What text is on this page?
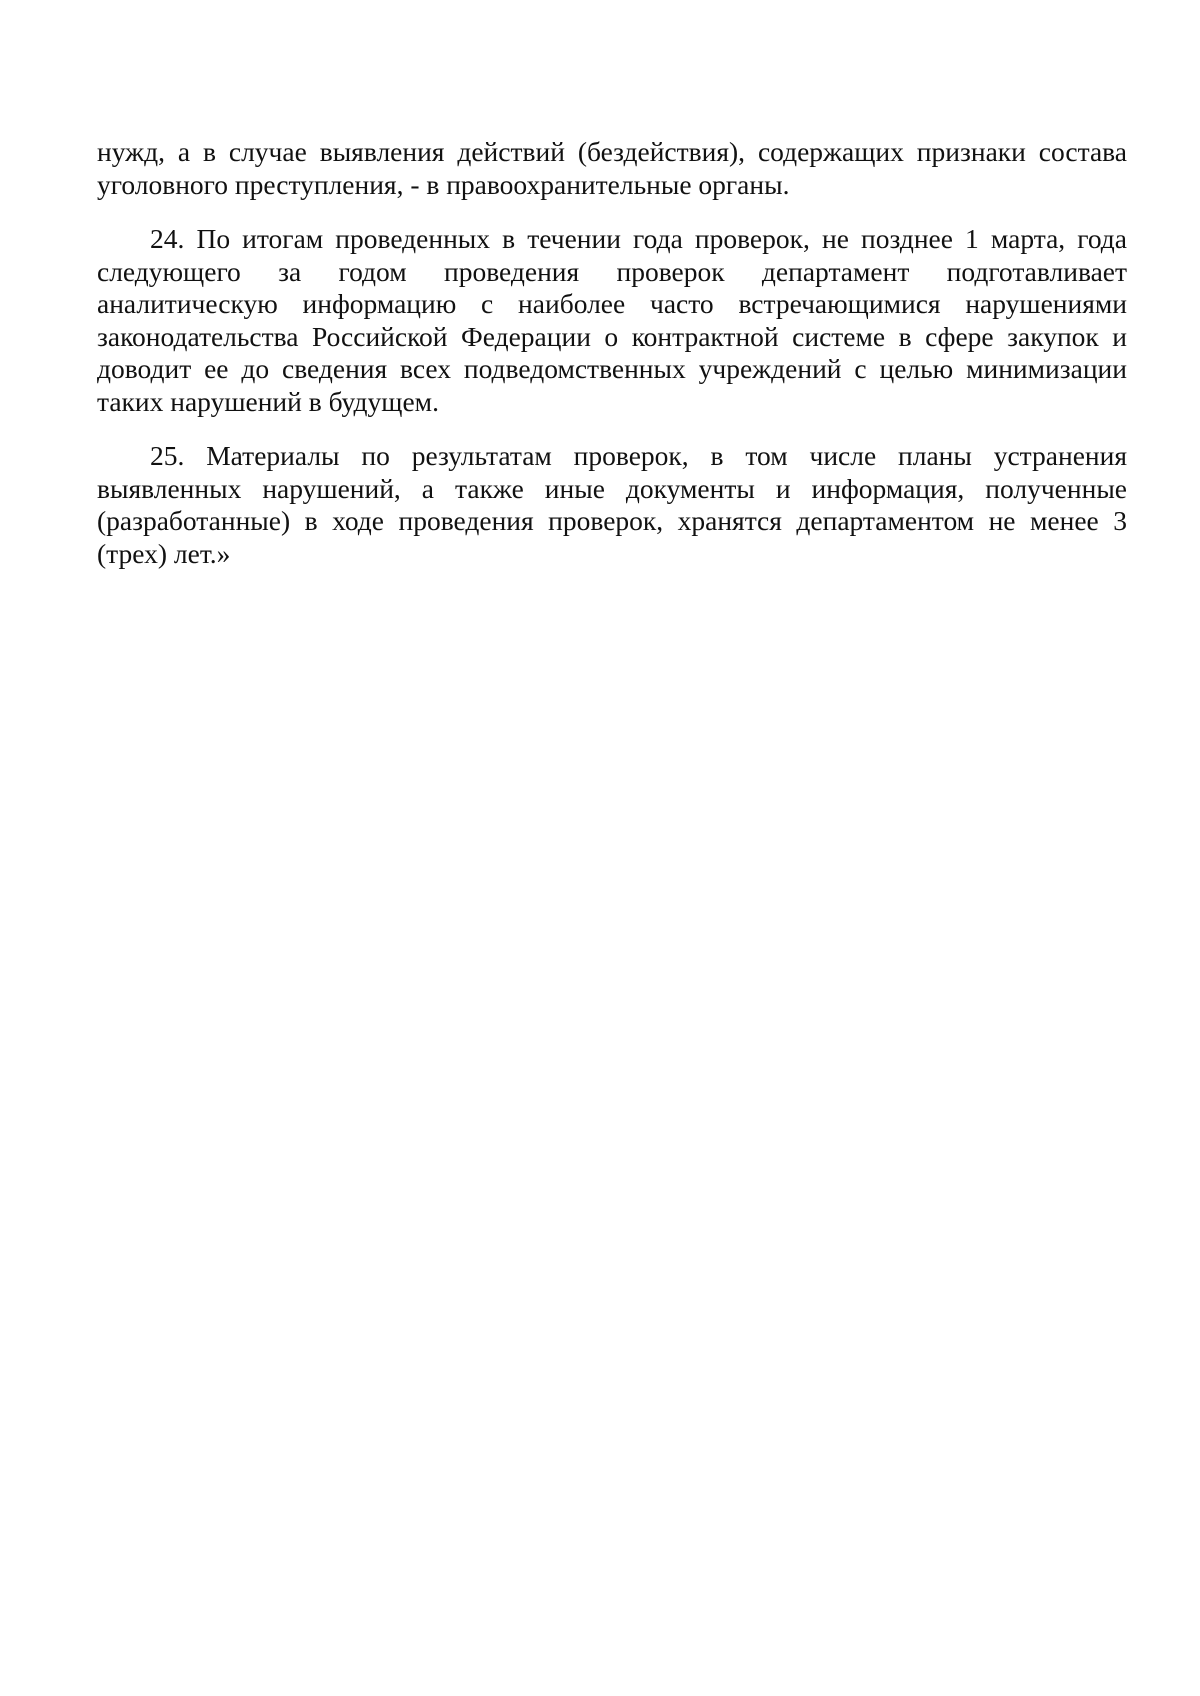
нужд, а в случае выявления действий (бездействия), содержащих признаки состава уголовного преступления, - в правоохранительные органы.

24. По итогам проведенных в течении года проверок, не позднее 1 марта, года следующего за годом проведения проверок департамент подготавливает аналитическую информацию с наиболее часто встречающимися нарушениями законодательства Российской Федерации о контрактной системе в сфере закупок и доводит ее до сведения всех подведомственных учреждений с целью минимизации таких нарушений в будущем.

25. Материалы по результатам проверок, в том числе планы устранения выявленных нарушений, а также иные документы и информация, полученные (разработанные) в ходе проведения проверок, хранятся департаментом не менее 3 (трех) лет.»
